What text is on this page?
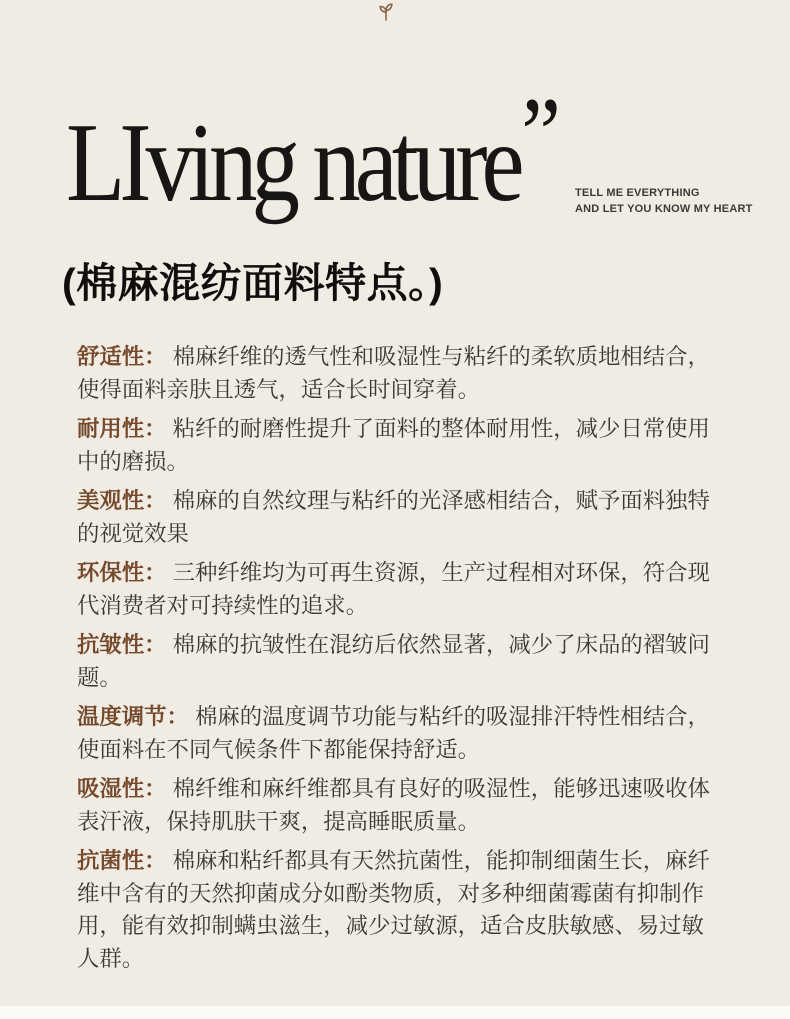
LIving nature”
TELL ME EVERYTHING
AND LET YOU KNOW MY HEART
(棉麻混纺面料特点。)

舒适性： 棉麻纤维的透气性和吸湿性与粘纤的柔软质地相结合，使得面料亲肤且透气，适合长时间穿着。

耐用性： 粘纤的耐磨性提升了面料的整体耐用性，减少日常使用中的磨损。

美观性： 棉麻的自然纹理与粘纤的光泽感相结合，赋予面料独特的视觉效果

环保性： 三种纤维均为可再生资源，生产过程相对环保，符合现代消费者对可持续性的追求。

抗皱性： 棉麻的抗皱性在混纺后依然显著，减少了床品的褶皱问题。

温度调节： 棉麻的温度调节功能与粘纤的吸湿排汗特性相结合，使面料在不同气候条件下都能保持舒适。

吸湿性： 棉纤维和麻纤维都具有良好的吸湿性，能够迅速吸收体表汗液，保持肌肤干爽，提高睡眠质量。

抗菌性： 棉麻和粘纤都具有天然抗菌性，能抑制细菌生长，麻纤维中含有的天然抑菌成分如酚类物质，对多种细菌霉菌有抑制作用，能有效抑制螨虫滋生，减少过敏源，适合皮肤敏感、易过敏人群。
